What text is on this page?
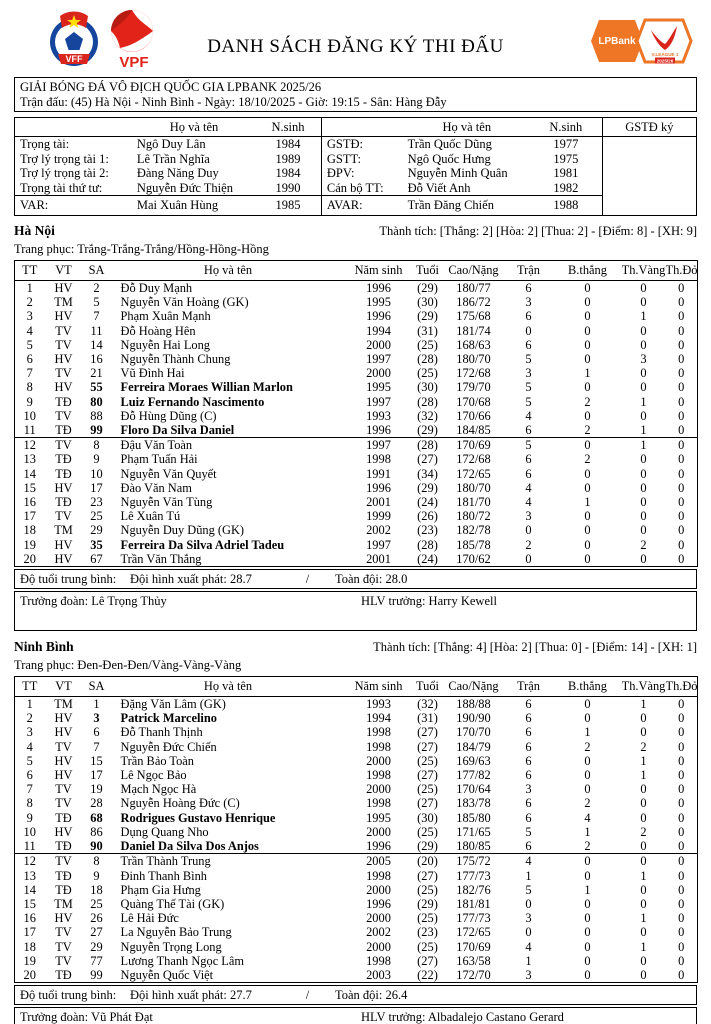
VFF	VPF
DANH SÁCH ĐĂNG KÝ THI ĐẤU	LPBank
V.LEAGUE 1
2025/26
GIẢI BÓNG ĐÁ VÔ ĐỊCH QUỐC GIA LPBANK 2025/26
Trận đấu: (45) Hà Nội - Ninh Bình - Ngày: 18/10/2025 - Giờ: 19:15 - Sân: Hàng Đẫy
	Họ và tên	N.sinh		Họ và tên	N.sinh	GSTĐ ký
Trọng tài:	Ngô Duy Lân	1984	GSTĐ:	Trần Quốc Dũng	1977	
Trợ lý trọng tài 1:	Lê Trần Nghĩa	1989	GSTT:	Ngô Quốc Hưng	1975	
Trợ lý trọng tài 2:	Đàng Năng Duy	1984	ĐPV:	Nguyễn Minh Quân	1981	
Trọng tài thứ tư:	Nguyễn Đức Thiện	1990	Cán bộ TT:	Đỗ Viết Anh	1982	
VAR:	Mai Xuân Hùng	1985	AVAR:	Trần Đăng Chiến	1988	
Hà Nội	Thành tích: [Thắng: 2] [Hòa: 2] [Thua: 2] - [Điểm: 8] - [XH: 9]
Trang phục: Trắng-Trắng-Trắng/Hồng-Hồng-Hồng
TT	VT	SA	Họ và tên	Năm sinh	Tuổi	Cao/Nặng	Trận	B.thắng	Th.Vàng	Th.Đỏ
1	HV	2	Đỗ Duy Mạnh	1996	(29)	180/77	6	0	0	0
2	TM	5	Nguyễn Văn Hoàng (GK)	1995	(30)	186/72	3	0	0	0
3	HV	7	Phạm Xuân Mạnh	1996	(29)	175/68	6	0	1	0
4	TV	11	Đỗ Hoàng Hên	1994	(31)	181/74	0	0	0	0
5	TV	14	Nguyễn Hai Long	2000	(25)	168/63	6	0	0	0
6	HV	16	Nguyễn Thành Chung	1997	(28)	180/70	5	0	3	0
7	TV	21	Vũ Đình Hai	2000	(25)	172/68	3	1	0	0
8	HV	55	Ferreira Moraes Willian Marlon	1995	(30)	179/70	5	0	0	0
9	TĐ	80	Luiz Fernando Nascimento	1997	(28)	170/68	5	2	1	0
10	TV	88	Đỗ Hùng Dũng (C)	1993	(32)	170/66	4	0	0	0
11	TĐ	99	Floro Da Silva Daniel	1996	(29)	184/85	6	2	1	0
12	TV	8	Đậu Văn Toàn	1997	(28)	170/69	5	0	1	0
13	TĐ	9	Phạm Tuấn Hải	1998	(27)	172/68	6	2	0	0
14	TĐ	10	Nguyễn Văn Quyết	1991	(34)	172/65	6	0	0	0
15	HV	17	Đào Văn Nam	1996	(29)	180/70	4	0	0	0
16	TĐ	23	Nguyễn Văn Tùng	2001	(24)	181/70	4	1	0	0
17	TV	25	Lê Xuân Tú	1999	(26)	180/72	3	0	0	0
18	TM	29	Nguyễn Duy Dũng (GK)	2002	(23)	182/78	0	0	0	0
19	HV	35	Ferreira Da Silva Adriel Tadeu	1997	(28)	185/78	2	0	2	0
20	HV	67	Trần Văn Thắng	2001	(24)	170/62	0	0	0	0
Độ tuổi trung bình:	Đội hình xuất phát: 28.7	/	Toàn đội: 28.0
Trưởng đoàn: Lê Trọng Thủy	HLV trưởng: Harry Kewell
Ninh Bình	Thành tích: [Thắng: 4] [Hòa: 2] [Thua: 0] - [Điểm: 14] - [XH: 1]
Trang phục: Đen-Đen-Đen/Vàng-Vàng-Vàng
TT	VT	SA	Họ và tên	Năm sinh	Tuổi	Cao/Nặng	Trận	B.thắng	Th.Vàng	Th.Đỏ
1	TM	1	Đặng Văn Lâm (GK)	1993	(32)	188/88	6	0	1	0
2	HV	3	Patrick Marcelino	1994	(31)	190/90	6	0	0	0
3	HV	6	Đỗ Thanh Thịnh	1998	(27)	170/70	6	1	0	0
4	TV	7	Nguyễn Đức Chiến	1998	(27)	184/79	6	2	2	0
5	HV	15	Trần Bảo Toàn	2000	(25)	169/63	6	0	1	0
6	HV	17	Lê Ngọc Bảo	1998	(27)	177/82	6	0	1	0
7	TV	19	Mạch Ngọc Hà	2000	(25)	170/64	3	0	0	0
8	TV	28	Nguyễn Hoàng Đức (C)	1998	(27)	183/78	6	2	0	0
9	TĐ	68	Rodrigues Gustavo Henrique	1995	(30)	185/80	6	4	0	0
10	HV	86	Dụng Quang Nho	2000	(25)	171/65	5	1	2	0
11	TĐ	90	Daniel Da Silva Dos Anjos	1996	(29)	180/85	6	2	0	0
12	TV	8	Trần Thành Trung	2005	(20)	175/72	4	0	0	0
13	TĐ	9	Đinh Thanh Bình	1998	(27)	177/73	1	0	1	0
14	TĐ	18	Phạm Gia Hưng	2000	(25)	182/76	5	1	0	0
15	TM	25	Quàng Thế Tài (GK)	1996	(29)	181/81	0	0	0	0
16	HV	26	Lê Hải Đức	2000	(25)	177/73	3	0	1	0
17	TV	27	La Nguyễn Bảo Trung	2002	(23)	172/65	0	0	0	0
18	TV	29	Nguyễn Trọng Long	2000	(25)	170/69	4	0	1	0
19	TV	77	Lương Thanh Ngọc Lâm	1998	(27)	163/58	1	0	0	0
20	TĐ	99	Nguyễn Quốc Việt	2003	(22)	172/70	3	0	0	0
Độ tuổi trung bình:	Đội hình xuất phát: 27.7	/	Toàn đội: 26.4
Trưởng đoàn: Vũ Phát Đạt	HLV trưởng: Albadalejo Castano Gerard
